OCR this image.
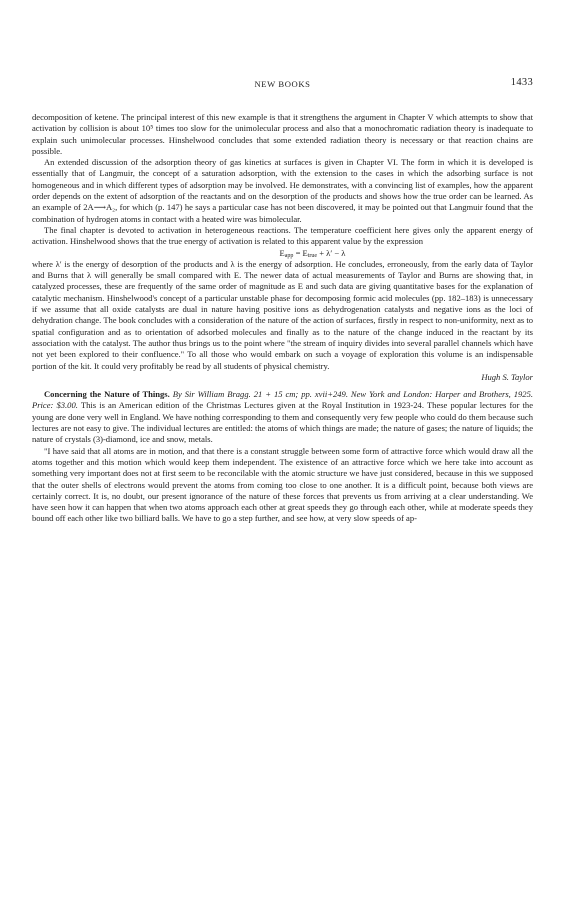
NEW BOOKS	1433

decomposition of ketene. The principal interest of this new example is that it strengthens the argument in Chapter V which attempts to show that activation by collision is about 10⁵ times too slow for the unimolecular process and also that a monochromatic radiation theory is inadequate to explain such unimolecular processes. Hinshelwood concludes that some extended radiation theory is necessary or that reaction chains are possible.

An extended discussion of the adsorption theory of gas kinetics at surfaces is given in Chapter VI. The form in which it is developed is essentially that of Langmuir, the concept of a saturation adsorption, with the extension to the cases in which the adsorbing surface is not homogeneous and in which different types of adsorption may be involved. He demonstrates, with a convincing list of examples, how the apparent order depends on the extent of adsorption of the reactants and on the desorption of the products and shows how the true order can be learned. As an example of 2A⟶A₂, for which (p. 147) he says a particular case has not been discovered, it may be pointed out that Langmuir found that the combination of hydrogen atoms in contact with a heated wire was bimolecular.

The final chapter is devoted to activation in heterogeneous reactions. The temperature coefficient here gives only the apparent energy of activation. Hinshelwood shows that the true energy of activation is related to this apparent value by the expression

$E_{app} = E_{true} + \lambda' - \lambda$

where λ′ is the energy of desorption of the products and λ is the energy of adsorption. He concludes, erroneously, from the early data of Taylor and Burns that λ will generally be small compared with E. The newer data of actual measurements of Taylor and Burns are showing that, in catalyzed processes, these are frequently of the same order of magnitude as E and such data are giving quantitative bases for the explanation of catalytic mechanism. Hinshelwood's concept of a particular unstable phase for decomposing formic acid molecules (pp. 182–183) is unnecessary if we assume that all oxide catalysts are dual in nature having positive ions as dehydrogenation catalysts and negative ions as the loci of dehydration change. The book concludes with a consideration of the nature of the action of surfaces, firstly in respect to non-uniformity, next as to spatial configuration and as to orientation of adsorbed molecules and finally as to the nature of the change induced in the reactant by its association with the catalyst. The author thus brings us to the point where "the stream of inquiry divides into several parallel channels which have not yet been explored to their confluence." To all those who would embark on such a voyage of exploration this volume is an indispensable portion of the kit. It could very profitably be read by all students of physical chemistry.

Hugh S. Taylor

Concerning the Nature of Things. By Sir William Bragg. 21 + 15 cm; pp. xvii+249. New York and London: Harper and Brothers, 1925. Price: $3.00. This is an American edition of the Christmas Lectures given at the Royal Institution in 1923-24. These popular lectures for the young are done very well in England. We have nothing corresponding to them and consequently very few people who could do them because such lectures are not easy to give. The individual lectures are entitled: the atoms of which things are made; the nature of gases; the nature of liquids; the nature of crystals (3)-diamond, ice and snow, metals.

"I have said that all atoms are in motion, and that there is a constant struggle between some form of attractive force which would draw all the atoms together and this motion which would keep them independent. The existence of an attractive force which we here take into account as something very important does not at first seem to be reconcilable with the atomic structure we have just considered, because in this we supposed that the outer shells of electrons would prevent the atoms from coming too close to one another. It is a difficult point, because both views are certainly correct. It is, no doubt, our present ignorance of the nature of these forces that prevents us from arriving at a clear understanding. We have seen how it can happen that when two atoms approach each other at great speeds they go through each other, while at moderate speeds they bound off each other like two billiard balls. We have to go a step further, and see how, at very slow speeds of ap-
